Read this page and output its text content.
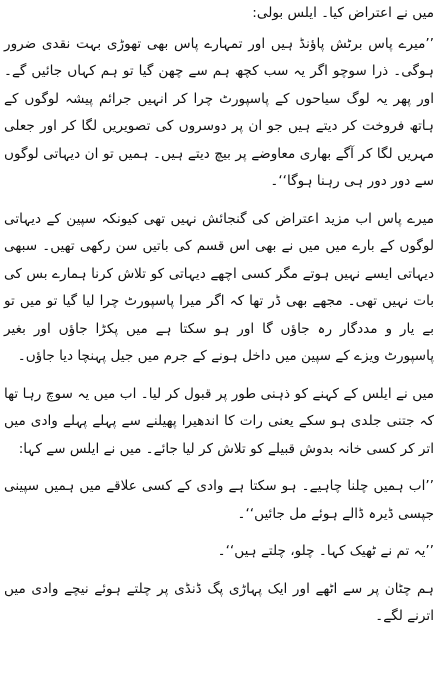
میں نے اعتراض کیا۔ ایلس بولی:

’’میرے پاس برٹش پاؤنڈ ہیں اور تمہارے پاس بھی تھوڑی بہت نقدی ضرور ہوگی۔ ذرا سوچو اگر یہ سب کچھ ہم سے چھن گیا تو ہم کہاں جائیں گے۔ اور پھر یہ لوگ سیاحوں کے پاسپورٹ چرا کر انہیں جرائم پیشہ لوگوں کے ہاتھ فروخت کر دیتے ہیں جو ان پر دوسروں کی تصویریں لگا کر اور جعلی مہریں لگا کر آگے بھاری معاوضے پر بیچ دیتے ہیں۔ ہمیں تو ان دیہاتی لوگوں سے دور دور ہی رہنا ہوگا‘‘۔

میرے پاس اب مزید اعتراض کی گنجائش نہیں تھی کیونکہ سپین کے دیہاتی لوگوں کے بارے میں میں نے بھی اس قسم کی باتیں سن رکھی تھیں۔ سبھی دیہاتی ایسے نہیں ہوتے مگر کسی اچھے دیہاتی کو تلاش کرنا ہمارے بس کی بات نہیں تھی۔ مجھے بھی ڈر تھا کہ اگر میرا پاسپورٹ چرا لیا گیا تو میں تو بے یار و مددگار رہ جاؤں گا اور ہو سکتا ہے میں پکڑا جاؤں اور بغیر پاسپورٹ ویزے کے سپین میں داخل ہونے کے جرم میں جیل پہنچا دیا جاؤں۔

میں نے ایلس کے کہنے کو ذہنی طور پر قبول کر لیا۔ اب میں یہ سوچ رہا تھا کہ جتنی جلدی ہو سکے یعنی رات کا اندھیرا پھیلنے سے پہلے پہلے وادی میں اتر کر کسی خانہ بدوش قبیلے کو تلاش کر لیا جائے۔ میں نے ایلس سے کہا:

’’اب ہمیں چلنا چاہیے۔ ہو سکتا ہے وادی کے کسی علاقے میں ہمیں سپینی جپسی ڈیرہ ڈالے ہوئے مل جائیں‘‘۔

’’یہ تم نے ٹھیک کہا۔ چلو، چلتے ہیں‘‘۔

ہم چٹان پر سے اٹھے اور ایک پہاڑی پگ ڈنڈی پر چلتے ہوئے نیچے وادی میں اترنے لگے۔
